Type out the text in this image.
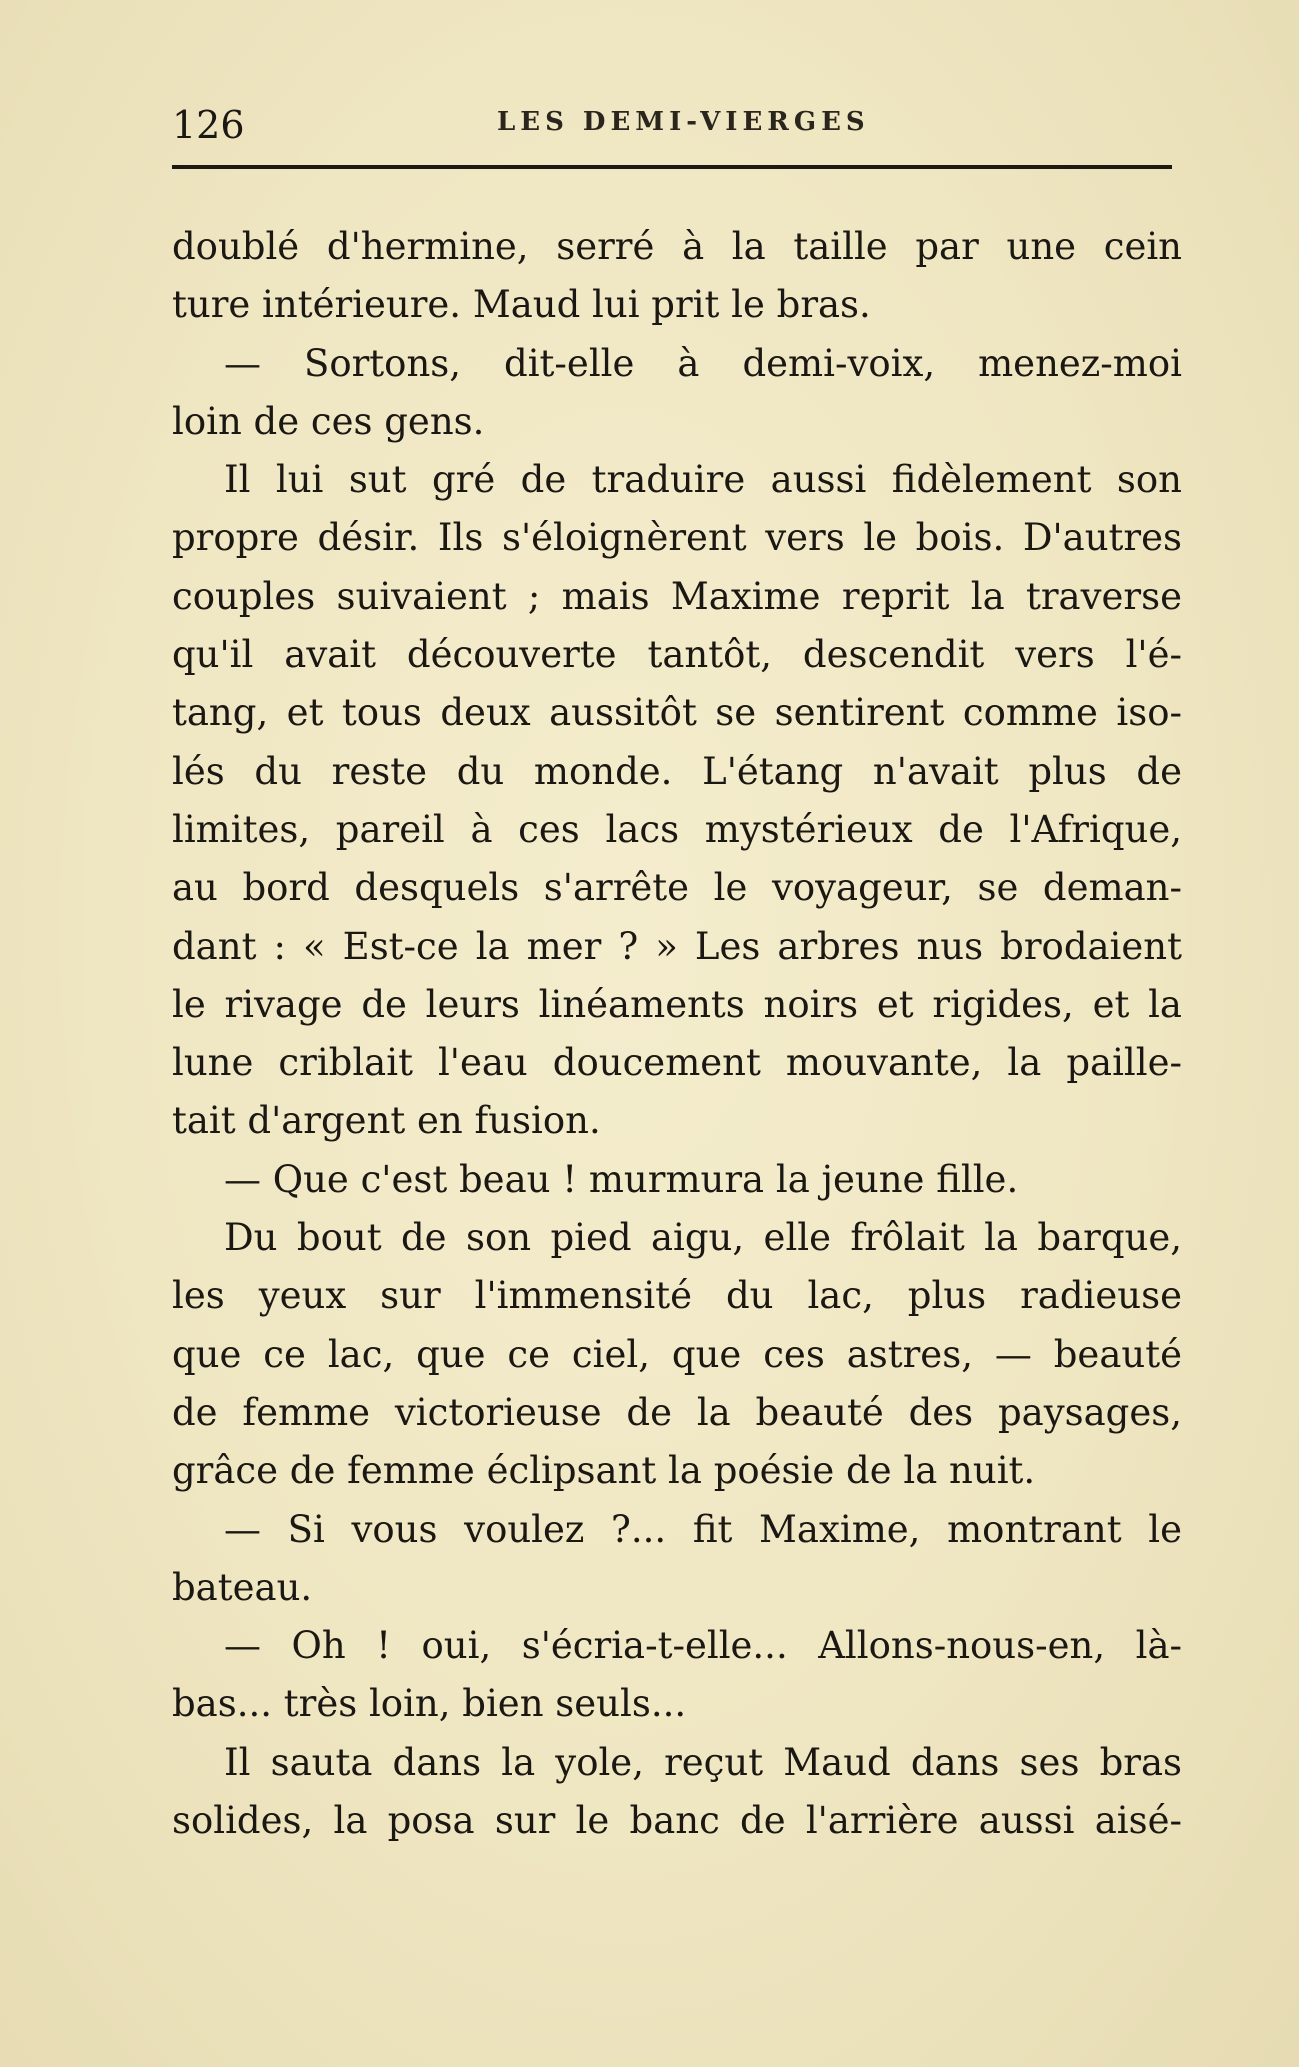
126	LES DEMI-VIERGES
doublé d'hermine, serré à la taille par une cein
ture intérieure. Maud lui prit le bras.
— Sortons, dit-elle à demi-voix, menez-moi
loin de ces gens.
Il lui sut gré de traduire aussi fidèlement son
propre désir. Ils s'éloignèrent vers le bois. D'autres
couples suivaient ; mais Maxime reprit la traverse
qu'il avait découverte tantôt, descendit vers l'é-
tang, et tous deux aussitôt se sentirent comme iso-
lés du reste du monde. L'étang n'avait plus de
limites, pareil à ces lacs mystérieux de l'Afrique,
au bord desquels s'arrête le voyageur, se deman-
dant : « Est-ce la mer ? » Les arbres nus brodaient
le rivage de leurs linéaments noirs et rigides, et la
lune criblait l'eau doucement mouvante, la paille-
tait d'argent en fusion.
— Que c'est beau ! murmura la jeune fille.
Du bout de son pied aigu, elle frôlait la barque,
les yeux sur l'immensité du lac, plus radieuse
que ce lac, que ce ciel, que ces astres, — beauté
de femme victorieuse de la beauté des paysages,
grâce de femme éclipsant la poésie de la nuit.
— Si vous voulez ?... fit Maxime, montrant le
bateau.
— Oh ! oui, s'écria-t-elle... Allons-nous-en, là-
bas... très loin, bien seuls...
Il sauta dans la yole, reçut Maud dans ses bras
solides, la posa sur le banc de l'arrière aussi aisé-
